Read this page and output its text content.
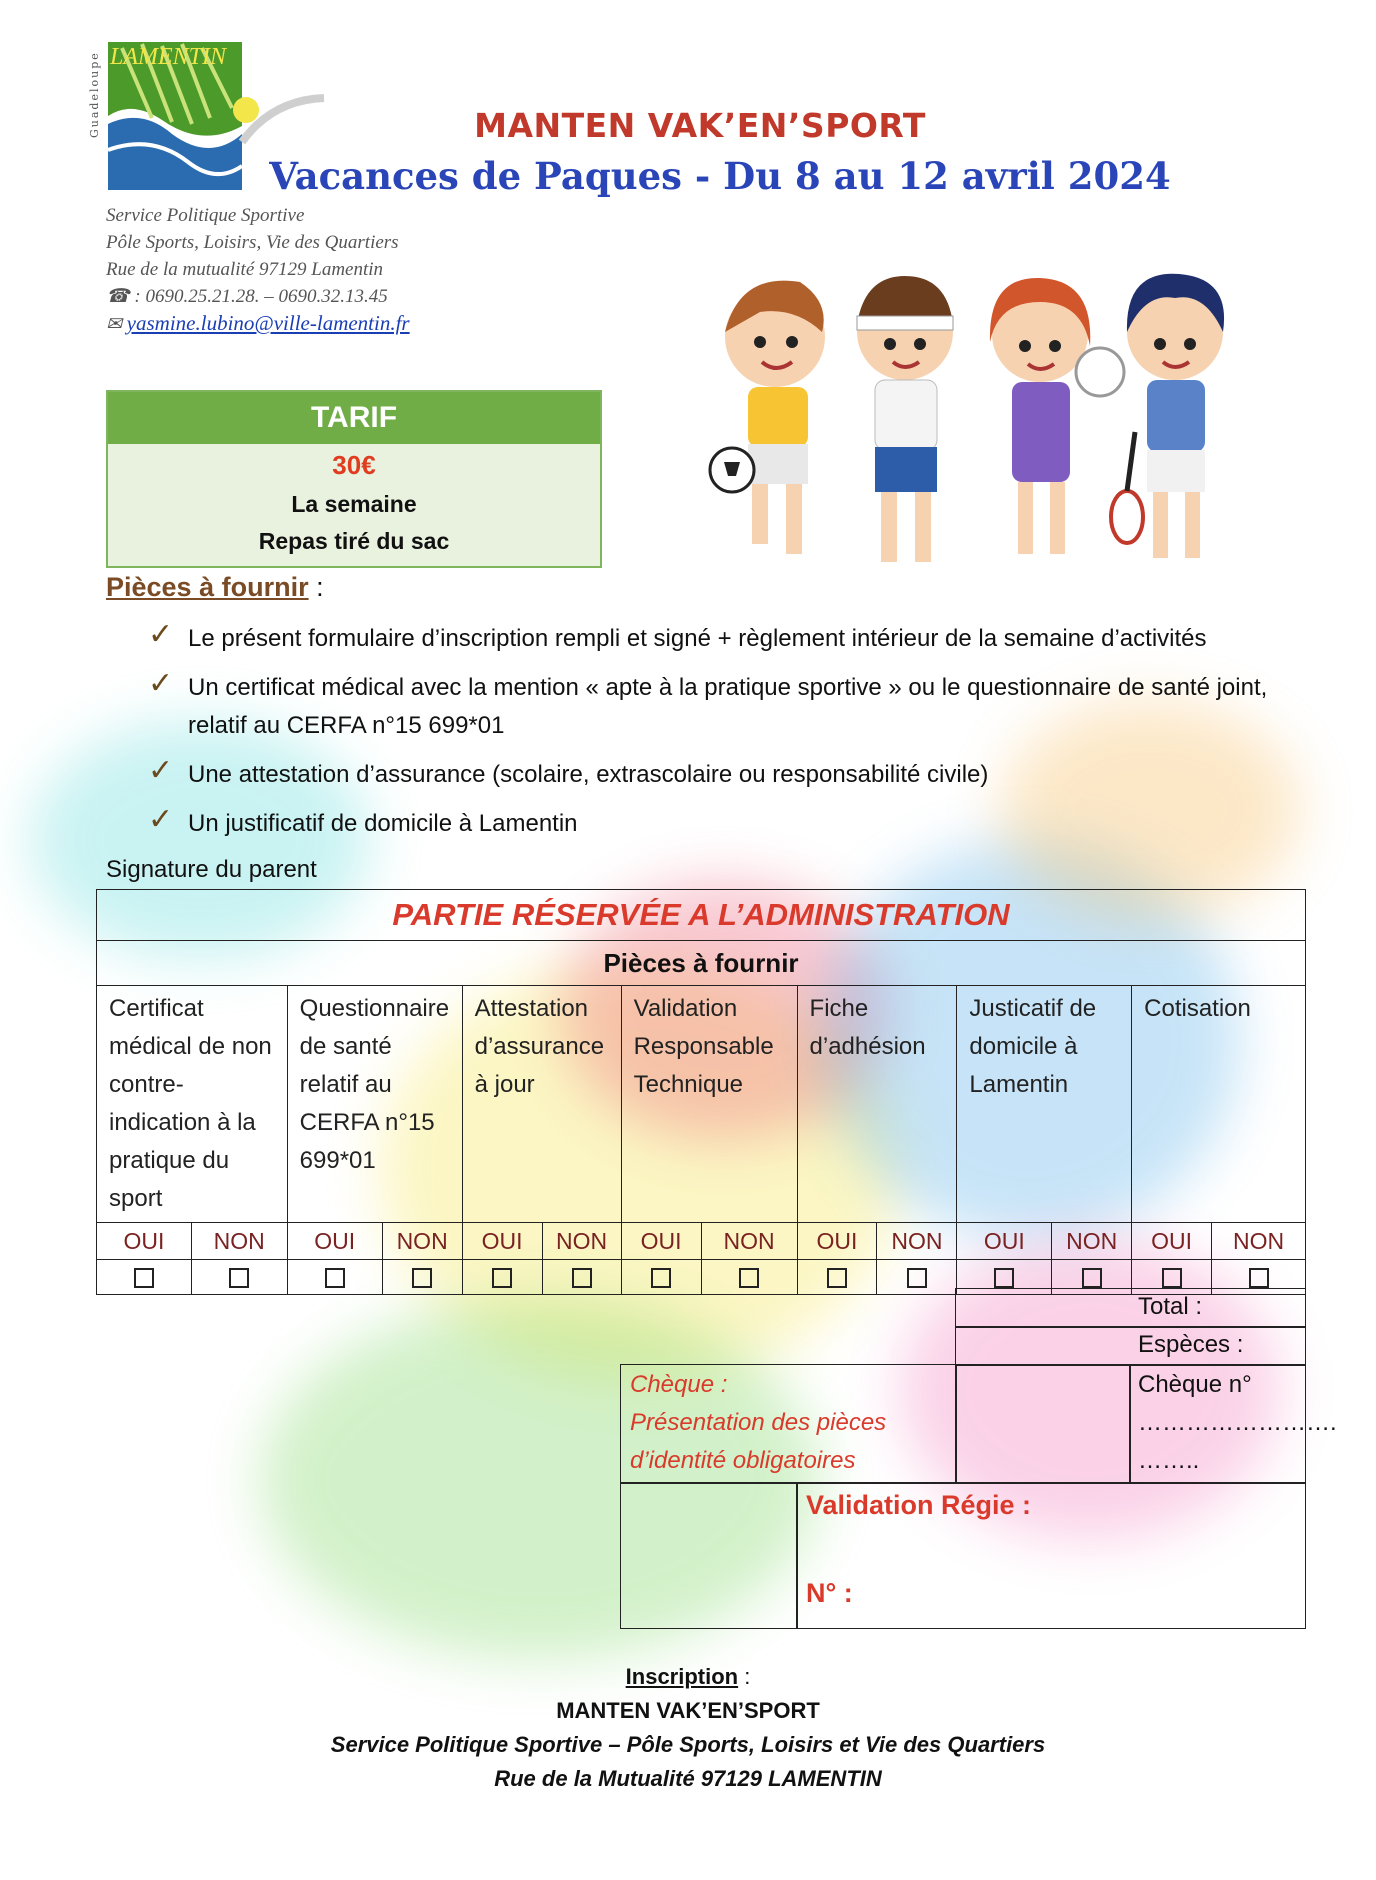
Guadeloupe LAMENTIN
MANTEN VAK’EN’SPORT
Vacances de Paques - Du 8 au 12 avril 2024
Service Politique Sportive
Pôle Sports, Loisirs, Vie des Quartiers
Rue de la mutualité 97129 Lamentin
☎ : 0690.25.21.28. – 0690.32.13.45
✉ yasmine.lubino@ville-lamentin.fr
TARIF
30€
La semaine
Repas tiré du sac
Pièces à fournir :
✓ Le présent formulaire d’inscription rempli et signé + règlement intérieur de la semaine d’activités
✓ Un certificat médical avec la mention « apte à la pratique sportive » ou le questionnaire de santé joint, relatif au CERFA n°15 699*01
✓ Une attestation d’assurance (scolaire, extrascolaire ou responsabilité civile)
✓ Un justificatif de domicile à Lamentin
Signature du parent
PARTIE RÉSERVÉE A L’ADMINISTRATION													
Pièces à fournir													
Certificat médical de non contre-indication à la pratique du sport		Questionnaire de santé relatif au CERFA n°15 699*01		Attestation d’assurance à jour		Validation Responsable Technique		Fiche d’adhésion		Justicatif de domicile à Lamentin		Cotisation	
OUI	NON	OUI	NON	OUI	NON	OUI	NON	OUI	NON	OUI	NON	OUI	NON

Total :
Espèces :
Chèque :
Présentation des pièces d’identité obligatoires
Chèque n°
…………………….
……..
Validation Régie :
N° :
Inscription :
MANTEN VAK’EN’SPORT
Service Politique Sportive – Pôle Sports, Loisirs et Vie des Quartiers
Rue de la Mutualité 97129 LAMENTIN
